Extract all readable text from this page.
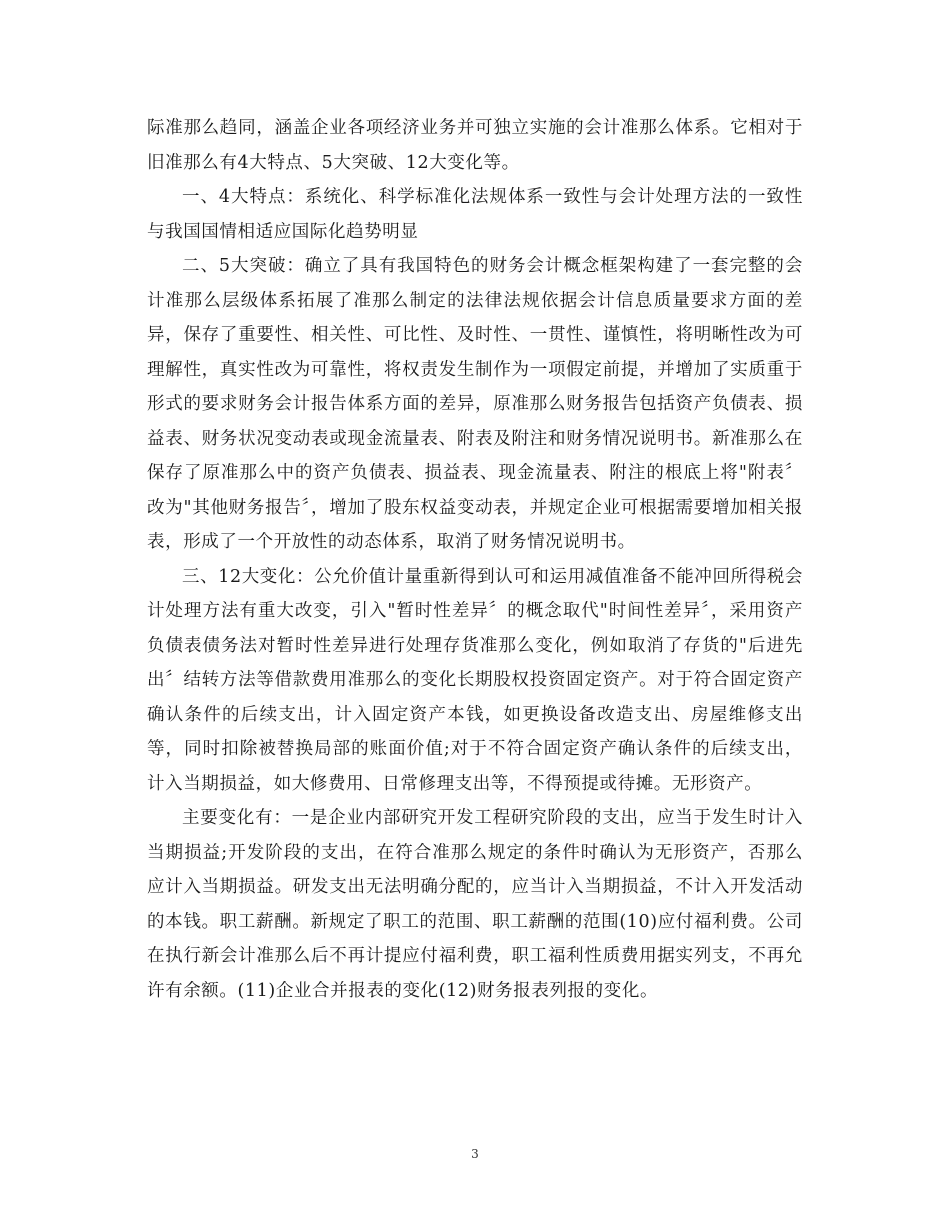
际准那么趋同，涵盖企业各项经济业务并可独立实施的会计准那么体系。它相对于旧准那么有4大特点、5大突破、12大变化等。

一、4大特点：系统化、科学标准化法规体系一致性与会计处理方法的一致性与我国国情相适应国际化趋势明显

二、5大突破：确立了具有我国特色的财务会计概念框架构建了一套完整的会计准那么层级体系拓展了准那么制定的法律法规依据会计信息质量要求方面的差异，保存了重要性、相关性、可比性、及时性、一贯性、谨慎性，将明晰性改为可理解性，真实性改为可靠性，将权责发生制作为一项假定前提，并增加了实质重于形式的要求财务会计报告体系方面的差异，原准那么财务报告包括资产负债表、损益表、财务状况变动表或现金流量表、附表及附注和财务情况说明书。新准那么在保存了原准那么中的资产负债表、损益表、现金流量表、附注的根底上将"附表〞改为"其他财务报告〞，增加了股东权益变动表，并规定企业可根据需要增加相关报表，形成了一个开放性的动态体系，取消了财务情况说明书。

三、12大变化：公允价值计量重新得到认可和运用减值准备不能冲回所得税会计处理方法有重大改变，引入"暂时性差异〞的概念取代"时间性差异〞，采用资产负债表债务法对暂时性差异进行处理存货准那么变化，例如取消了存货的"后进先出〞结转方法等借款费用准那么的变化长期股权投资固定资产。对于符合固定资产确认条件的后续支出，计入固定资产本钱，如更换设备改造支出、房屋维修支出等，同时扣除被替换局部的账面价值;对于不符合固定资产确认条件的后续支出，计入当期损益，如大修费用、日常修理支出等，不得预提或待摊。无形资产。

主要变化有：一是企业内部研究开发工程研究阶段的支出，应当于发生时计入当期损益;开发阶段的支出，在符合准那么规定的条件时确认为无形资产，否那么应计入当期损益。研发支出无法明确分配的，应当计入当期损益，不计入开发活动的本钱。职工薪酬。新规定了职工的范围、职工薪酬的范围(10)应付福利费。公司在执行新会计准那么后不再计提应付福利费，职工福利性质费用据实列支，不再允许有余额。(11)企业合并报表的变化(12)财务报表列报的变化。

3
